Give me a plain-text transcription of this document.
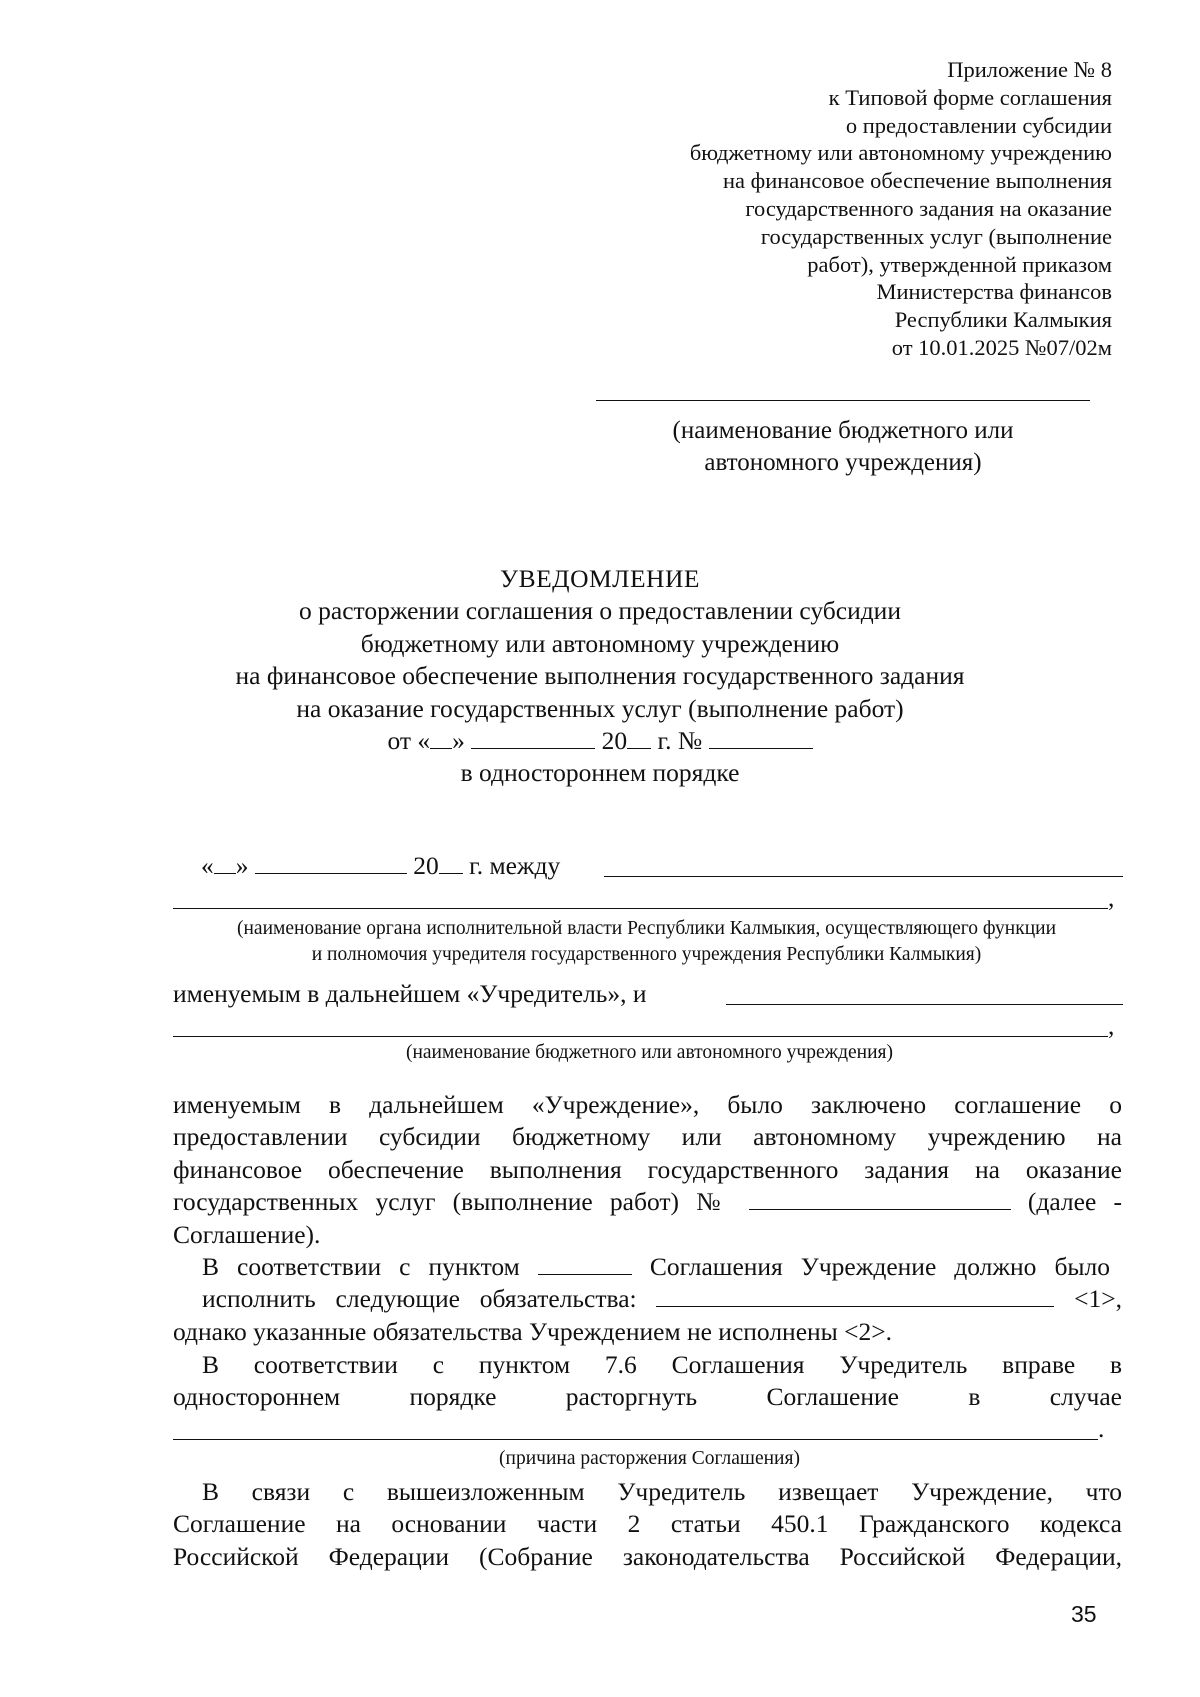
Приложение № 8
к Типовой форме соглашения
о предоставлении субсидии
бюджетному или автономному учреждению
на финансовое обеспечение выполнения
государственного задания на оказание
государственных услуг (выполнение
работ), утвержденной приказом
Министерства финансов
Республики Калмыкия
от 10.01.2025 №07/02м
(наименование бюджетного или
автономного учреждения)
УВЕДОМЛЕНИЕ
о расторжении соглашения о предоставлении субсидии
бюджетному или автономному учреждению
на финансовое обеспечение выполнения государственного задания
на оказание государственных услуг (выполнение работ)
от « »	20 г. №
в одностороннем порядке
« »	20 г. между
,
(наименование органа исполнительной власти Республики Калмыкия, осуществляющего функции
и полномочия учредителя государственного учреждения Республики Калмыкия)
именуемым в дальнейшем «Учредитель», и
,
(наименование бюджетного или автономного учреждения)
именуемым в дальнейшем «Учреждение», было заключено соглашение о
предоставлении субсидии бюджетному или автономному учреждению на
финансовое обеспечение выполнения государственного задания на оказание
государственных услуг (выполнение работ) №	(далее -
Соглашение).
В соответствии с пунктом	Соглашения Учреждение должно было
исполнить следующие обязательства:	<1>,
однако указанные обязательства Учреждением не исполнены <2>.
В соответствии с пунктом 7.6 Соглашения Учредитель вправе в
одностороннем порядке расторгнуть Соглашение в случае
.
(причина расторжения Соглашения)
В связи с вышеизложенным Учредитель извещает Учреждение, что
Соглашение на основании части 2 статьи 450.1 Гражданского кодекса
Российской Федерации (Собрание законодательства Российской Федерации,
35
